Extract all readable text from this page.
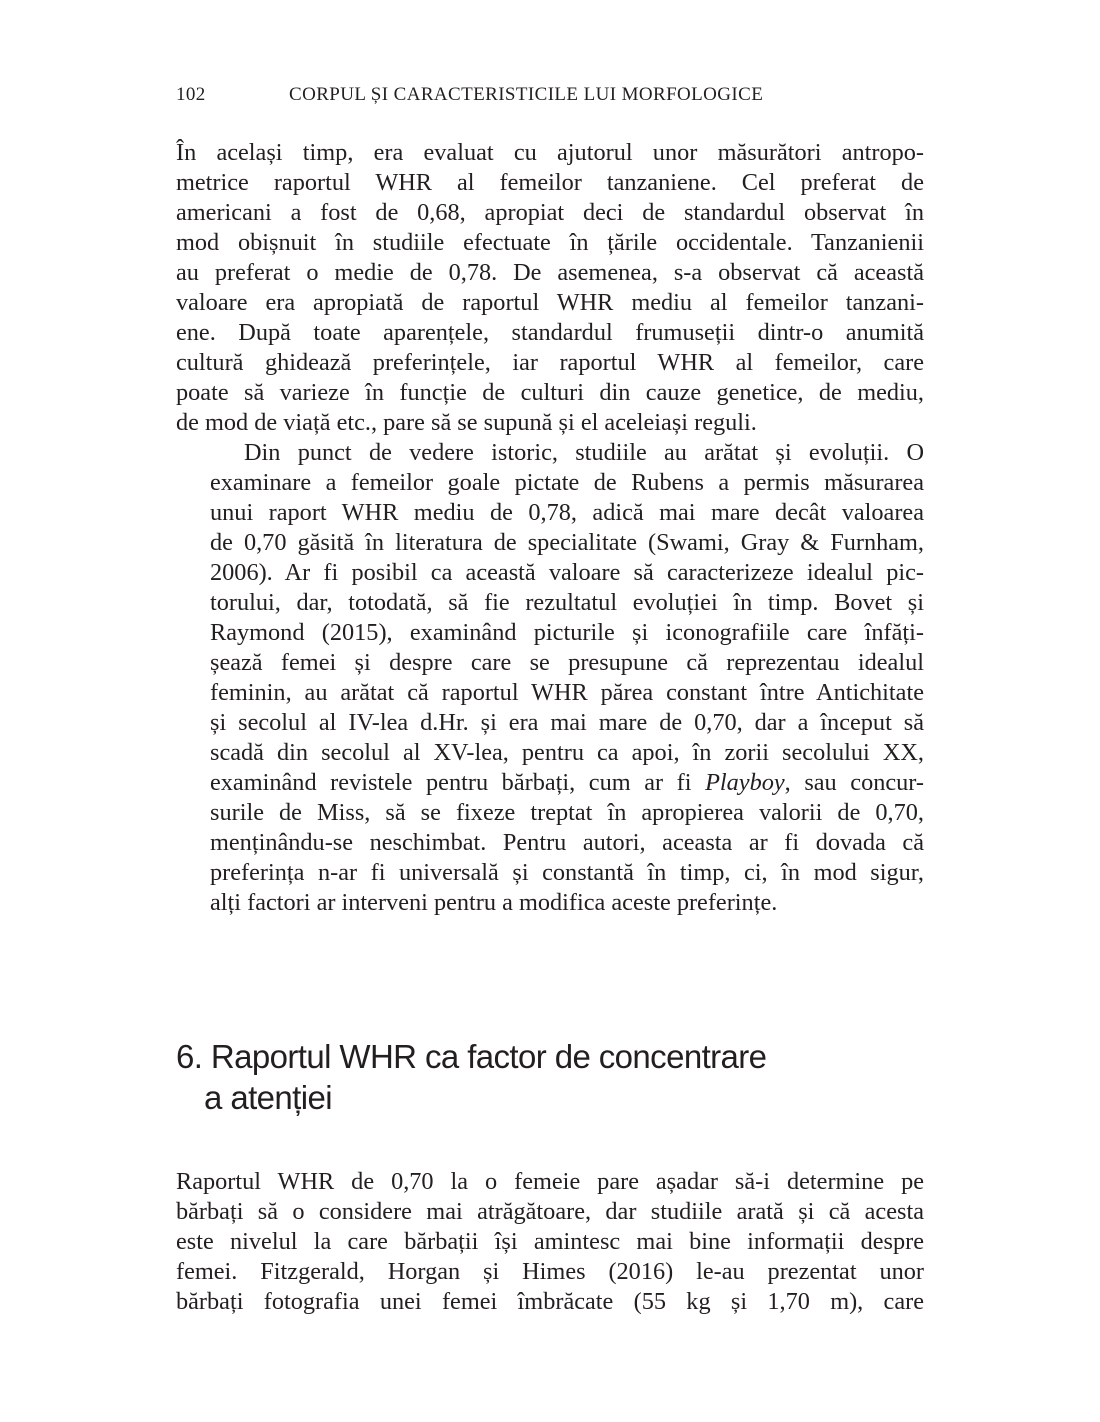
102	CORPUL ȘI CARACTERISTICILE LUI MORFOLOGICE

În același timp, era evaluat cu ajutorul unor măsurători antropo-
metrice raportul WHR al femeilor tanzaniene. Cel preferat de
americani a fost de 0,68, apropiat deci de standardul observat în
mod obișnuit în studiile efectuate în țările occidentale. Tanzanienii
au preferat o medie de 0,78. De asemenea, s-a observat că această
valoare era apropiată de raportul WHR mediu al femeilor tanzani-
ene. După toate aparențele, standardul frumuseții dintr-o anumită
cultură ghidează preferințele, iar raportul WHR al femeilor, care
poate să varieze în funcție de culturi din cauze genetice, de mediu,
de mod de viață etc., pare să se supună și el aceleiași reguli.

Din punct de vedere istoric, studiile au arătat și evoluții. O
examinare a femeilor goale pictate de Rubens a permis măsurarea
unui raport WHR mediu de 0,78, adică mai mare decât valoarea
de 0,70 găsită în literatura de specialitate (Swami, Gray & Furnham,
2006). Ar fi posibil ca această valoare să caracterizeze idealul pic-
torului, dar, totodată, să fie rezultatul evoluției în timp. Bovet și
Raymond (2015), examinând picturile și iconografiile care înfăți-
șează femei și despre care se presupune că reprezentau idealul
feminin, au arătat că raportul WHR părea constant între Antichitate
și secolul al IV-lea d.Hr. și era mai mare de 0,70, dar a început să
scadă din secolul al XV-lea, pentru ca apoi, în zorii secolului XX,
examinând revistele pentru bărbați, cum ar fi Playboy, sau concur-
surile de Miss, să se fixeze treptat în apropierea valorii de 0,70,
menținându-se neschimbat. Pentru autori, aceasta ar fi dovada că
preferința n-ar fi universală și constantă în timp, ci, în mod sigur,
alți factori ar interveni pentru a modifica aceste preferințe.

6. Raportul WHR ca factor de concentrare
a atenției

Raportul WHR de 0,70 la o femeie pare așadar să-i determine pe
bărbați să o considere mai atrăgătoare, dar studiile arată și că acesta
este nivelul la care bărbații își amintesc mai bine informații despre
femei. Fitzgerald, Horgan și Himes (2016) le-au prezentat unor
bărbați fotografia unei femei îmbrăcate (55 kg și 1,70 m), care
